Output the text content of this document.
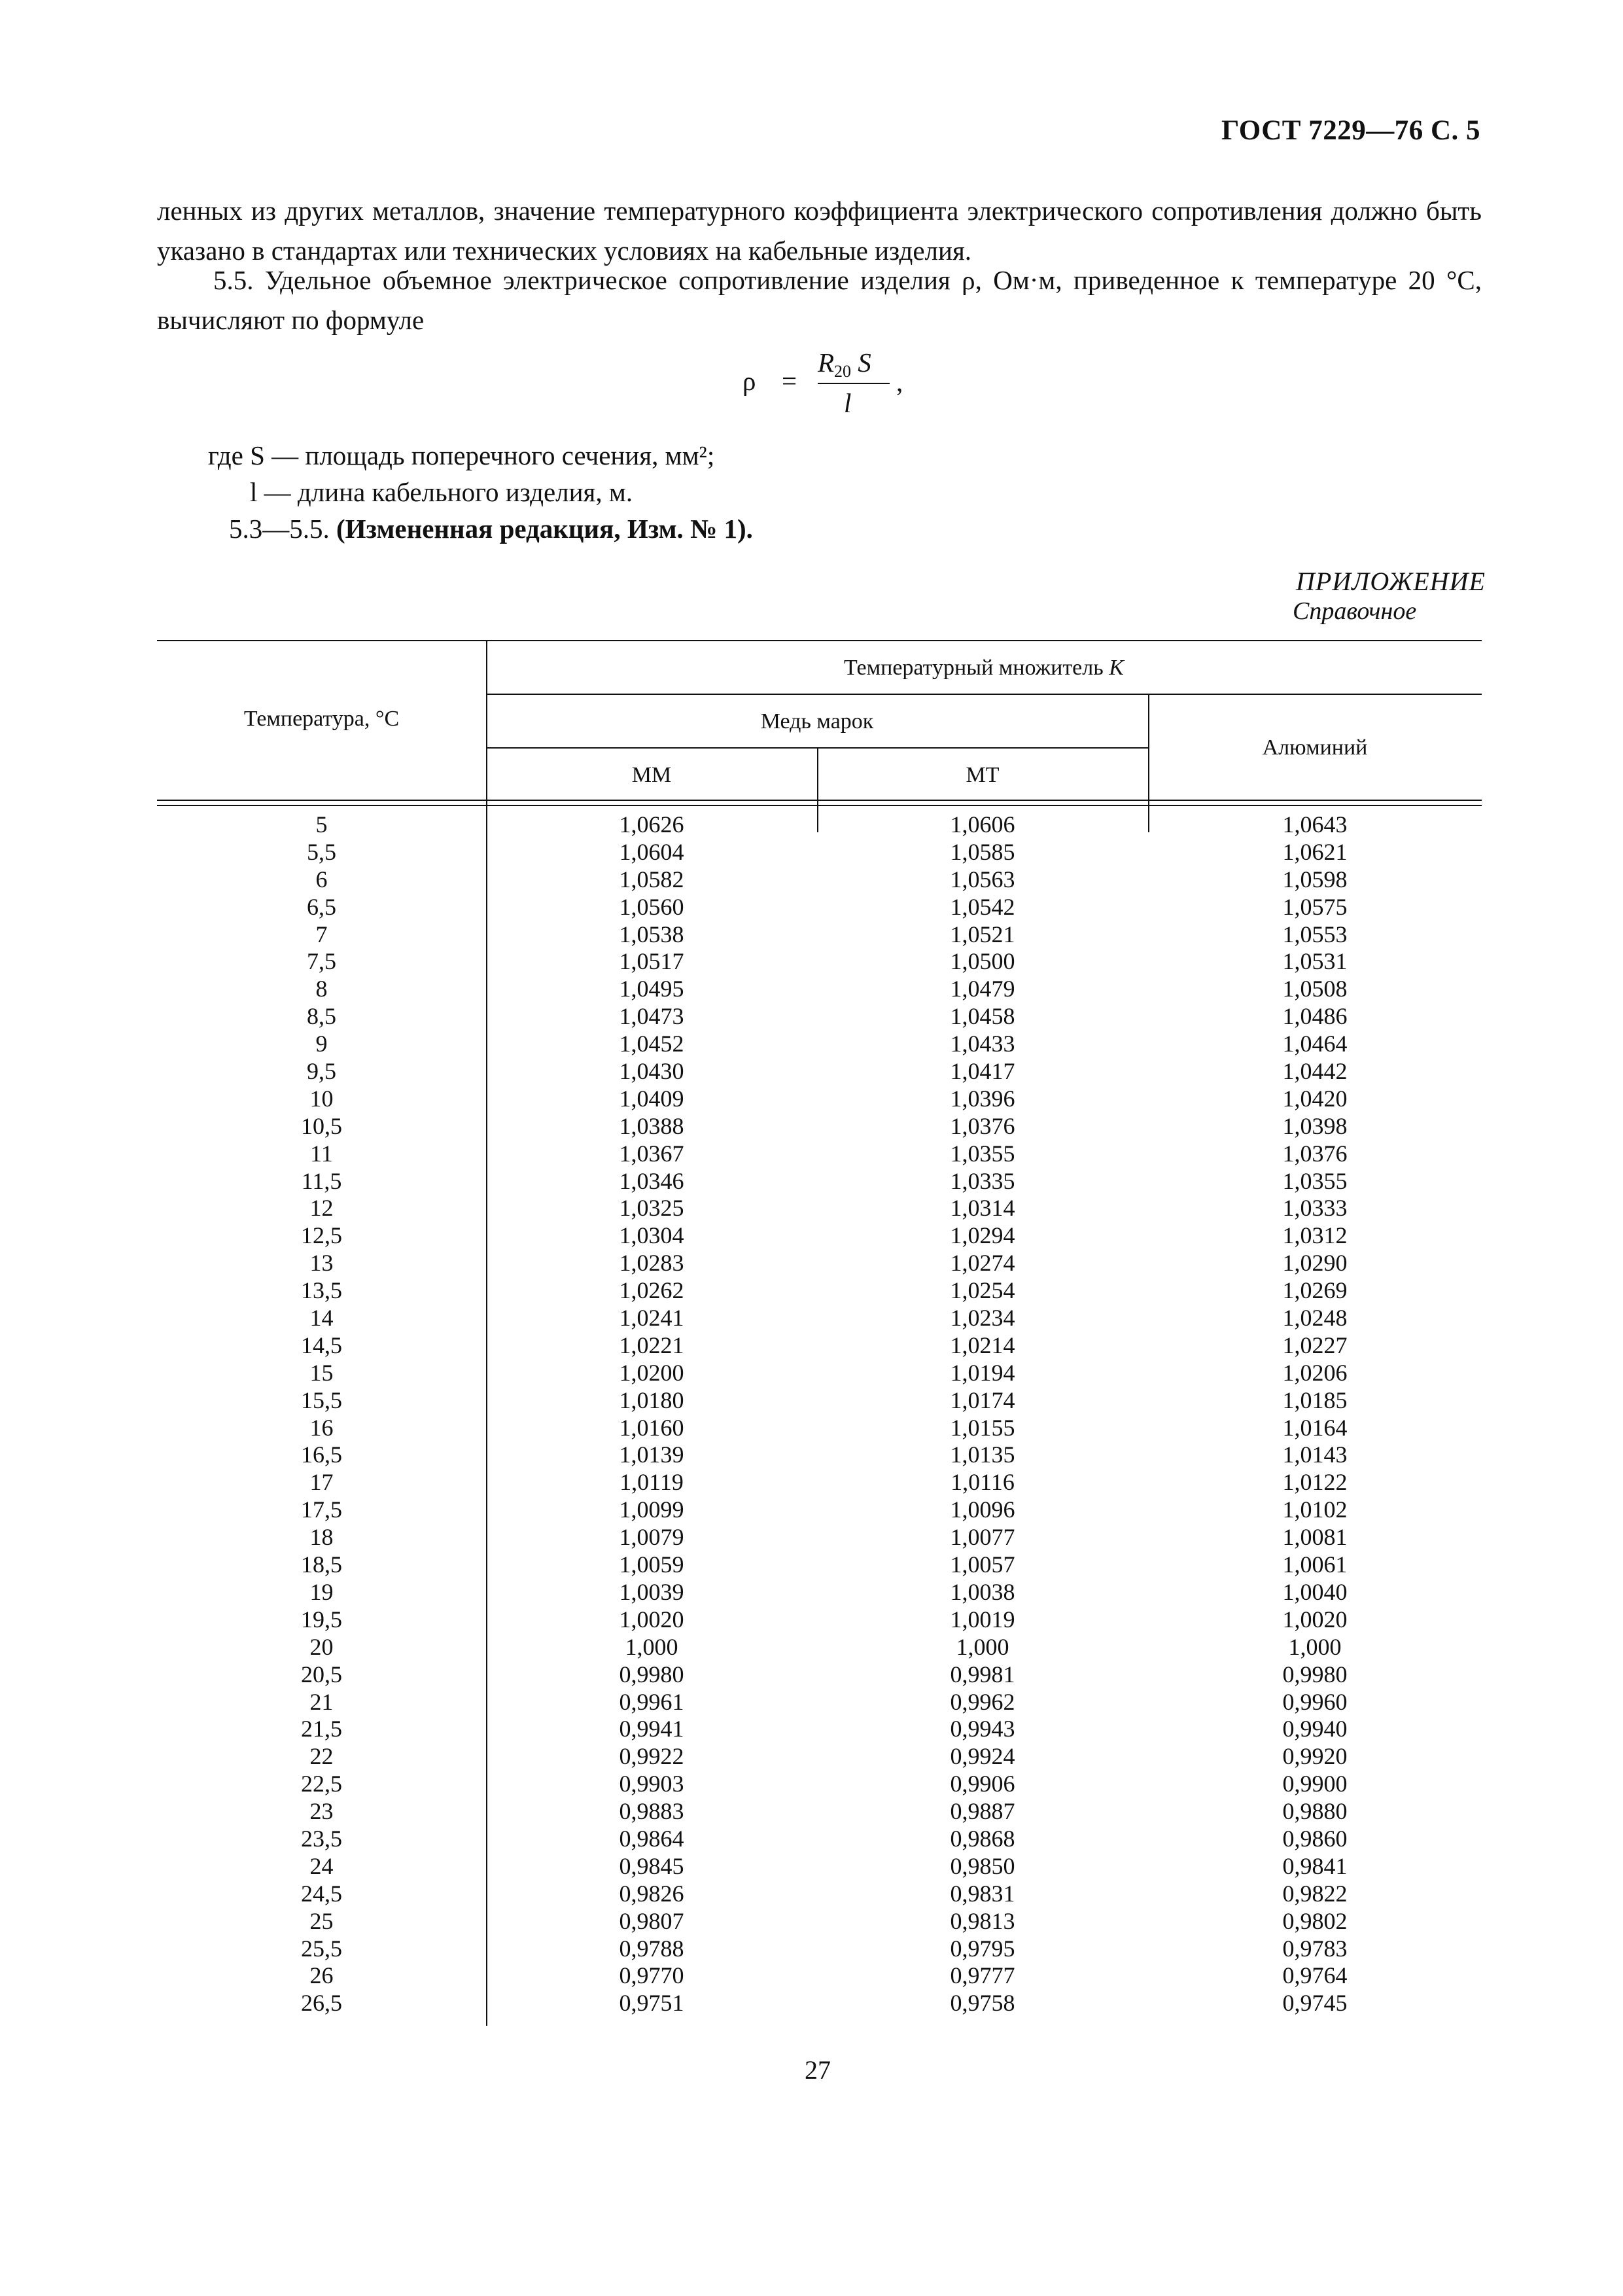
ГОСТ 7229—76 С. 5
ленных из других металлов, значение температурного коэффициента электрического сопротивления должно быть указано в стандартах или технических условиях на кабельные изделия.
5.5. Удельное объемное электрическое сопротивление изделия ρ, Ом·м, приведенное к температуре 20 °С, вычисляют по формуле
ρ =
$R_{20}$ S
l
,
где S — площадь поперечного сечения, мм²;
l — длина кабельного изделия, м.
5.3—5.5. (Измененная редакция, Изм. № 1).
ПРИЛОЖЕНИЕ
Справочное
Температура, °С
Температурный множитель K
Медь марок
Алюминий
ММ	МТ
5	1,0626	1,0606	1,0643
5,5	1,0604	1,0585	1,0621
6	1,0582	1,0563	1,0598
6,5	1,0560	1,0542	1,0575
7	1,0538	1,0521	1,0553
7,5	1,0517	1,0500	1,0531
8	1,0495	1,0479	1,0508
8,5	1,0473	1,0458	1,0486
9	1,0452	1,0433	1,0464
9,5	1,0430	1,0417	1,0442
10	1,0409	1,0396	1,0420
10,5	1,0388	1,0376	1,0398
11	1,0367	1,0355	1,0376
11,5	1,0346	1,0335	1,0355
12	1,0325	1,0314	1,0333
12,5	1,0304	1,0294	1,0312
13	1,0283	1,0274	1,0290
13,5	1,0262	1,0254	1,0269
14	1,0241	1,0234	1,0248
14,5	1,0221	1,0214	1,0227
15	1,0200	1,0194	1,0206
15,5	1,0180	1,0174	1,0185
16	1,0160	1,0155	1,0164
16,5	1,0139	1,0135	1,0143
17	1,0119	1,0116	1,0122
17,5	1,0099	1,0096	1,0102
18	1,0079	1,0077	1,0081
18,5	1,0059	1,0057	1,0061
19	1,0039	1,0038	1,0040
19,5	1,0020	1,0019	1,0020
20	1,000	1,000	1,000
20,5	0,9980	0,9981	0,9980
21	0,9961	0,9962	0,9960
21,5	0,9941	0,9943	0,9940
22	0,9922	0,9924	0,9920
22,5	0,9903	0,9906	0,9900
23	0,9883	0,9887	0,9880
23,5	0,9864	0,9868	0,9860
24	0,9845	0,9850	0,9841
24,5	0,9826	0,9831	0,9822
25	0,9807	0,9813	0,9802
25,5	0,9788	0,9795	0,9783
26	0,9770	0,9777	0,9764
26,5	0,9751	0,9758	0,9745
27
